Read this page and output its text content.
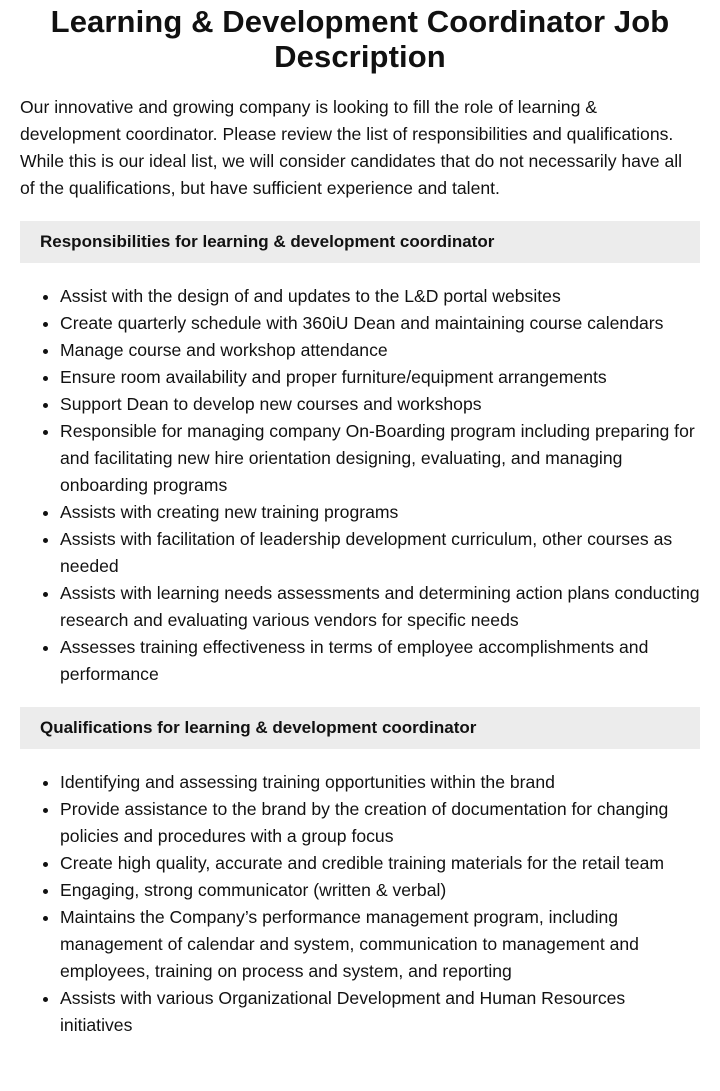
Learning & Development Coordinator Job Description

Our innovative and growing company is looking to fill the role of learning & development coordinator. Please review the list of responsibilities and qualifications. While this is our ideal list, we will consider candidates that do not necessarily have all of the qualifications, but have sufficient experience and talent.

Responsibilities for learning & development coordinator
• Assist with the design of and updates to the L&D portal websites
• Create quarterly schedule with 360iU Dean and maintaining course calendars
• Manage course and workshop attendance
• Ensure room availability and proper furniture/equipment arrangements
• Support Dean to develop new courses and workshops
• Responsible for managing company On-Boarding program including preparing for and facilitating new hire orientation designing, evaluating, and managing onboarding programs
• Assists with creating new training programs
• Assists with facilitation of leadership development curriculum, other courses as needed
• Assists with learning needs assessments and determining action plans conducting research and evaluating various vendors for specific needs
• Assesses training effectiveness in terms of employee accomplishments and performance
Qualifications for learning & development coordinator
• Identifying and assessing training opportunities within the brand
• Provide assistance to the brand by the creation of documentation for changing policies and procedures with a group focus
• Create high quality, accurate and credible training materials for the retail team
• Engaging, strong communicator (written & verbal)
• Maintains the Company’s performance management program, including management of calendar and system, communication to management and employees, training on process and system, and reporting
• Assists with various Organizational Development and Human Resources initiatives
